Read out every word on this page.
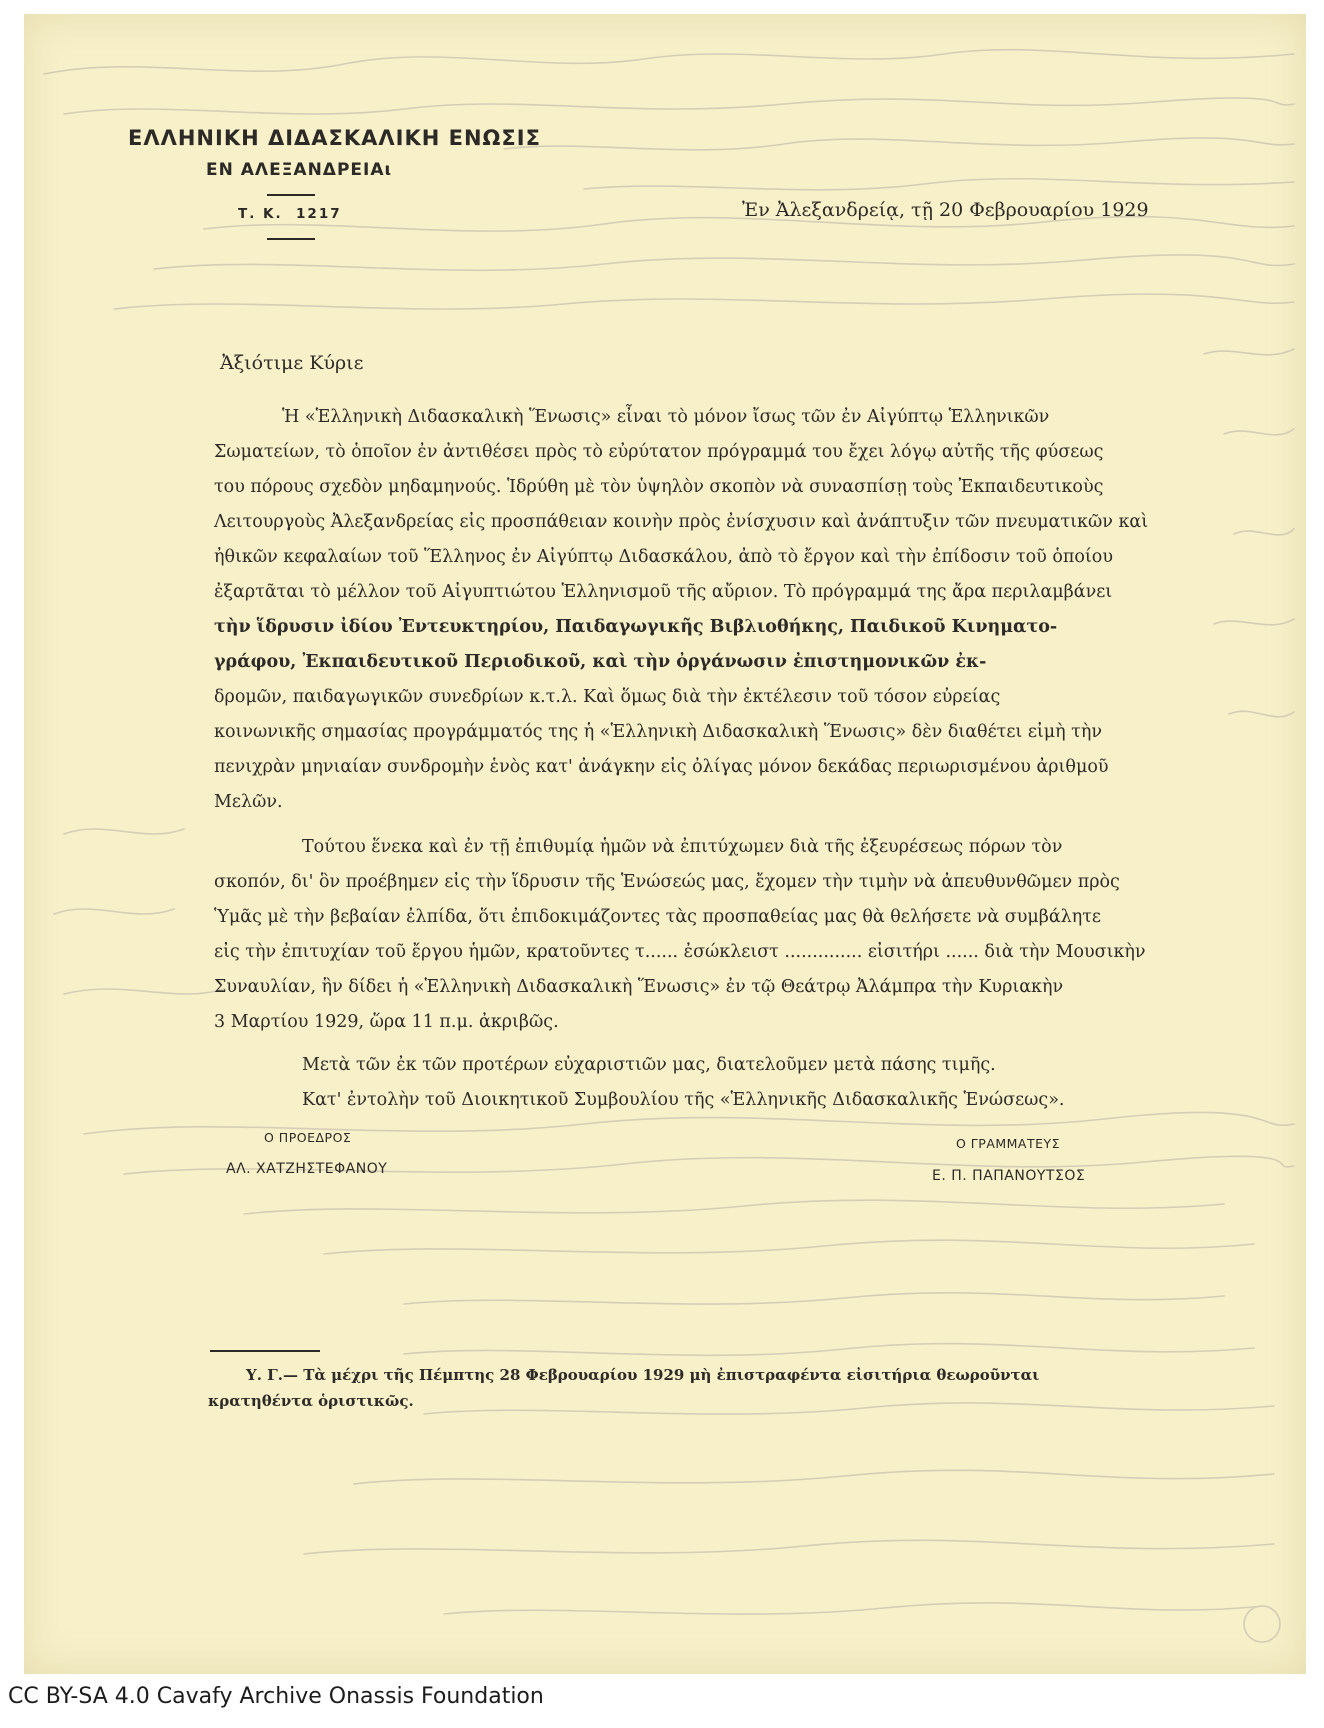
ΕΛΛΗΝΙΚΗ ΔΙΔΑΣΚΑΛΙΚΗ ΕΝΩΣΙΣ
ΕΝ ΑΛΕΞΑΝΔΡΕΙΑι
Τ. Κ.  1217	Ἐν Ἀλεξανδρείᾳ, τῇ 20 Φεβρουαρίου 1929
Ἀξιότιμε Κύριε
Ἡ «Ἑλληνικὴ Διδασκαλικὴ Ἕνωσις» εἶναι τὸ μόνον ἴσως τῶν ἐν Αἰγύπτῳ Ἑλληνικῶν
Σωματείων, τὸ ὁποῖον ἐν ἀντιθέσει πρὸς τὸ εὐρύτατον πρόγραμμά του ἔχει λόγῳ αὐτῆς τῆς φύσεως
του πόρους σχεδὸν μηδαμηνούς. Ἱδρύθη μὲ τὸν ὑψηλὸν σκοπὸν νὰ συνασπίσῃ τοὺς Ἐκπαιδευτικοὺς
Λειτουργοὺς Ἀλεξανδρείας εἰς προσπάθειαν κοινὴν πρὸς ἐνίσχυσιν καὶ ἀνάπτυξιν τῶν πνευματικῶν καὶ
ἠθικῶν κεφαλαίων τοῦ Ἕλληνος ἐν Αἰγύπτῳ Διδασκάλου, ἀπὸ τὸ ἔργον καὶ τὴν ἐπίδοσιν τοῦ ὁποίου
ἐξαρτᾶται τὸ μέλλον τοῦ Αἰγυπτιώτου Ἑλληνισμοῦ τῆς αὔριον. Τὸ πρόγραμμά της ἄρα περιλαμβάνει
τὴν ἵδρυσιν ἰδίου Ἐντευκτηρίου, Παιδαγωγικῆς Βιβλιοθήκης, Παιδικοῦ Κινηματο-
γράφου, Ἐκπαιδευτικοῦ Περιοδικοῦ, καὶ τὴν ὀργάνωσιν ἐπιστημονικῶν ἐκ-
δρομῶν, παιδαγωγικῶν συνεδρίων κ.τ.λ. Καὶ ὅμως διὰ τὴν ἐκτέλεσιν τοῦ τόσον εὐρείας
κοινωνικῆς σημασίας προγράμματός της ἡ «Ἑλληνικὴ Διδασκαλικὴ Ἕνωσις» δὲν διαθέτει εἰμὴ τὴν
πενιχρὰν μηνιαίαν συνδρομὴν ἑνὸς κατ' ἀνάγκην εἰς ὀλίγας μόνον δεκάδας περιωρισμένου ἀριθμοῦ
Μελῶν.
Τούτου ἕνεκα καὶ ἐν τῇ ἐπιθυμίᾳ ἡμῶν νὰ ἐπιτύχωμεν διὰ τῆς ἐξευρέσεως πόρων τὸν
σκοπόν, δι' ὃν προέβημεν εἰς τὴν ἵδρυσιν τῆς Ἑνώσεώς μας, ἔχομεν τὴν τιμὴν νὰ ἀπευθυνθῶμεν πρὸς
Ὑμᾶς μὲ τὴν βεβαίαν ἐλπίδα, ὅτι ἐπιδοκιμάζοντες τὰς προσπαθείας μας θὰ θελήσετε νὰ συμβάλητε
εἰς τὴν ἐπιτυχίαν τοῦ ἔργου ἡμῶν, κρατοῦντες τ...... ἐσώκλειστ .............. εἰσιτήρι ...... διὰ τὴν Μουσικὴν
Συναυλίαν, ἣν δίδει ἡ «Ἑλληνικὴ Διδασκαλικὴ Ἕνωσις» ἐν τῷ Θεάτρῳ Ἀλάμπρα τὴν Κυριακὴν
3 Μαρτίου 1929, ὥρα 11 π.μ. ἀκριβῶς.
Μετὰ τῶν ἐκ τῶν προτέρων εὐχαριστιῶν μας, διατελοῦμεν μετὰ πάσης τιμῆς.
Κατ' ἐντολὴν τοῦ Διοικητικοῦ Συμβουλίου τῆς «Ἑλληνικῆς Διδασκαλικῆς Ἑνώσεως».
Ο ΠΡΟΕΔΡΟΣ
ΑΛ. ΧΑΤΖΗΣΤΕΦΑΝΟΥ
Ο ΓΡΑΜΜΑΤΕΥΣ
Ε. Π. ΠΑΠΑΝΟΥΤΣΟΣ
Υ. Γ.— Τὰ μέχρι τῆς Πέμπτης 28 Φεβρουαρίου 1929 μὴ ἐπιστραφέντα εἰσιτήρια θεωροῦνται
κρατηθέντα ὁριστικῶς.
CC BY-SA 4.0 Cavafy Archive Onassis Foundation
